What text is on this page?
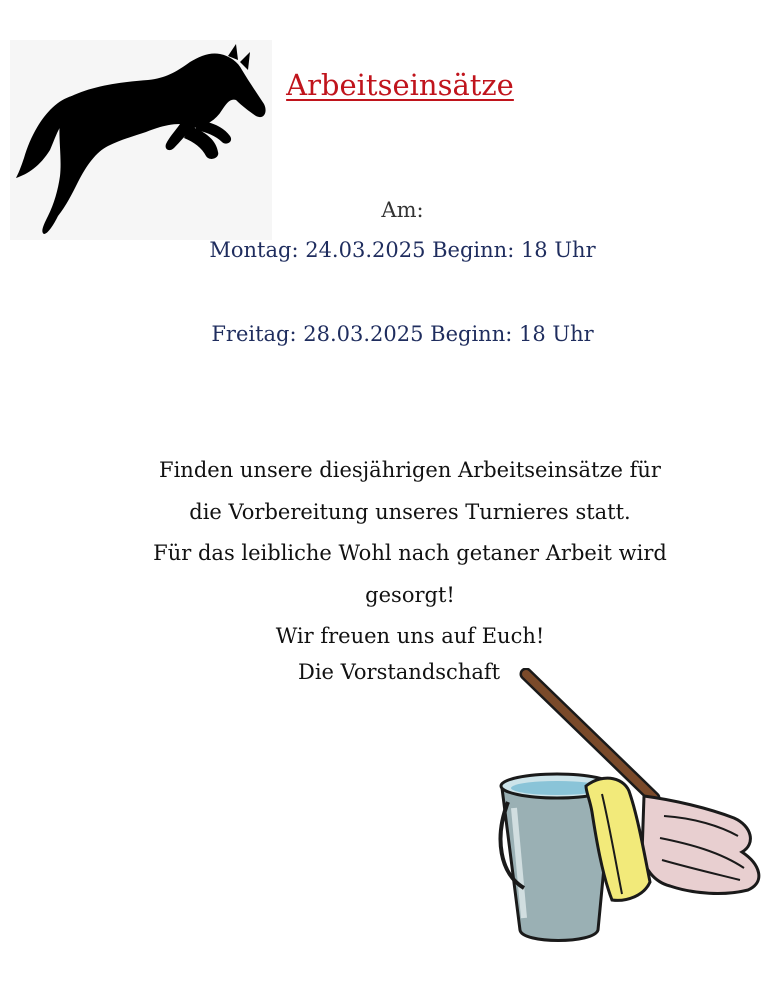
Arbeitseinsätze
Am:
Montag: 24.03.2025 Beginn: 18 Uhr
Freitag: 28.03.2025 Beginn: 18 Uhr
Finden unsere diesjährigen Arbeitseinsätze für
die Vorbereitung unseres Turnieres statt.
Für das leibliche Wohl nach getaner Arbeit wird
gesorgt!
Wir freuen uns auf Euch!
Die Vorstandschaft
